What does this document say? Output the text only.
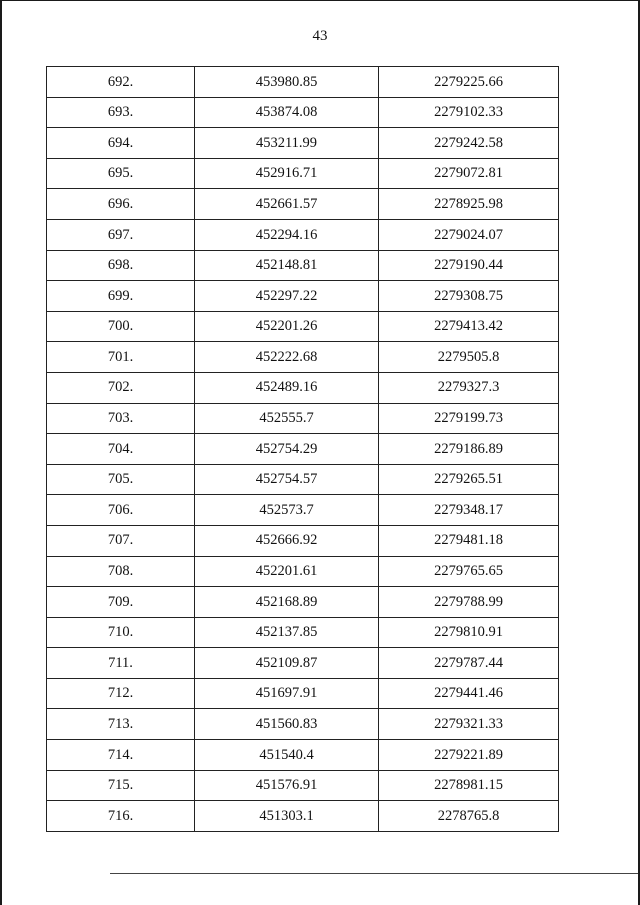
43
692.	453980.85	2279225.66
693.	453874.08	2279102.33
694.	453211.99	2279242.58
695.	452916.71	2279072.81
696.	452661.57	2278925.98
697.	452294.16	2279024.07
698.	452148.81	2279190.44
699.	452297.22	2279308.75
700.	452201.26	2279413.42
701.	452222.68	2279505.8
702.	452489.16	2279327.3
703.	452555.7	2279199.73
704.	452754.29	2279186.89
705.	452754.57	2279265.51
706.	452573.7	2279348.17
707.	452666.92	2279481.18
708.	452201.61	2279765.65
709.	452168.89	2279788.99
710.	452137.85	2279810.91
711.	452109.87	2279787.44
712.	451697.91	2279441.46
713.	451560.83	2279321.33
714.	451540.4	2279221.89
715.	451576.91	2278981.15
716.	451303.1	2278765.8
